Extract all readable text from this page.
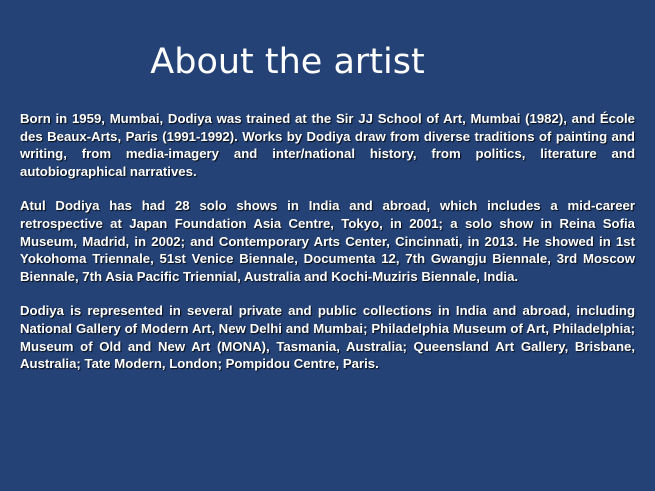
About the artist

Born in 1959, Mumbai, Dodiya was trained at the Sir JJ School of Art, Mumbai (1982), and École des Beaux-Arts, Paris (1991-1992). Works by Dodiya draw from diverse traditions of painting and writing, from media-imagery and inter/national history, from politics, literature and autobiographical narratives.

Atul Dodiya has had 28 solo shows in India and abroad, which includes a mid-career retrospective at Japan Foundation Asia Centre, Tokyo, in 2001; a solo show in Reina Sofia Museum, Madrid, in 2002; and Contemporary Arts Center, Cincinnati, in 2013. He showed in 1st Yokohoma Triennale, 51st Venice Biennale, Documenta 12, 7th Gwangju Biennale, 3rd Moscow Biennale, 7th Asia Pacific Triennial, Australia and Kochi-Muziris Biennale, India.

Dodiya is represented in several private and public collections in India and abroad, including National Gallery of Modern Art, New Delhi and Mumbai; Philadelphia Museum of Art, Philadelphia; Museum of Old and New Art (MONA), Tasmania, Australia; Queensland Art Gallery, Brisbane, Australia; Tate Modern, London; Pompidou Centre, Paris.
